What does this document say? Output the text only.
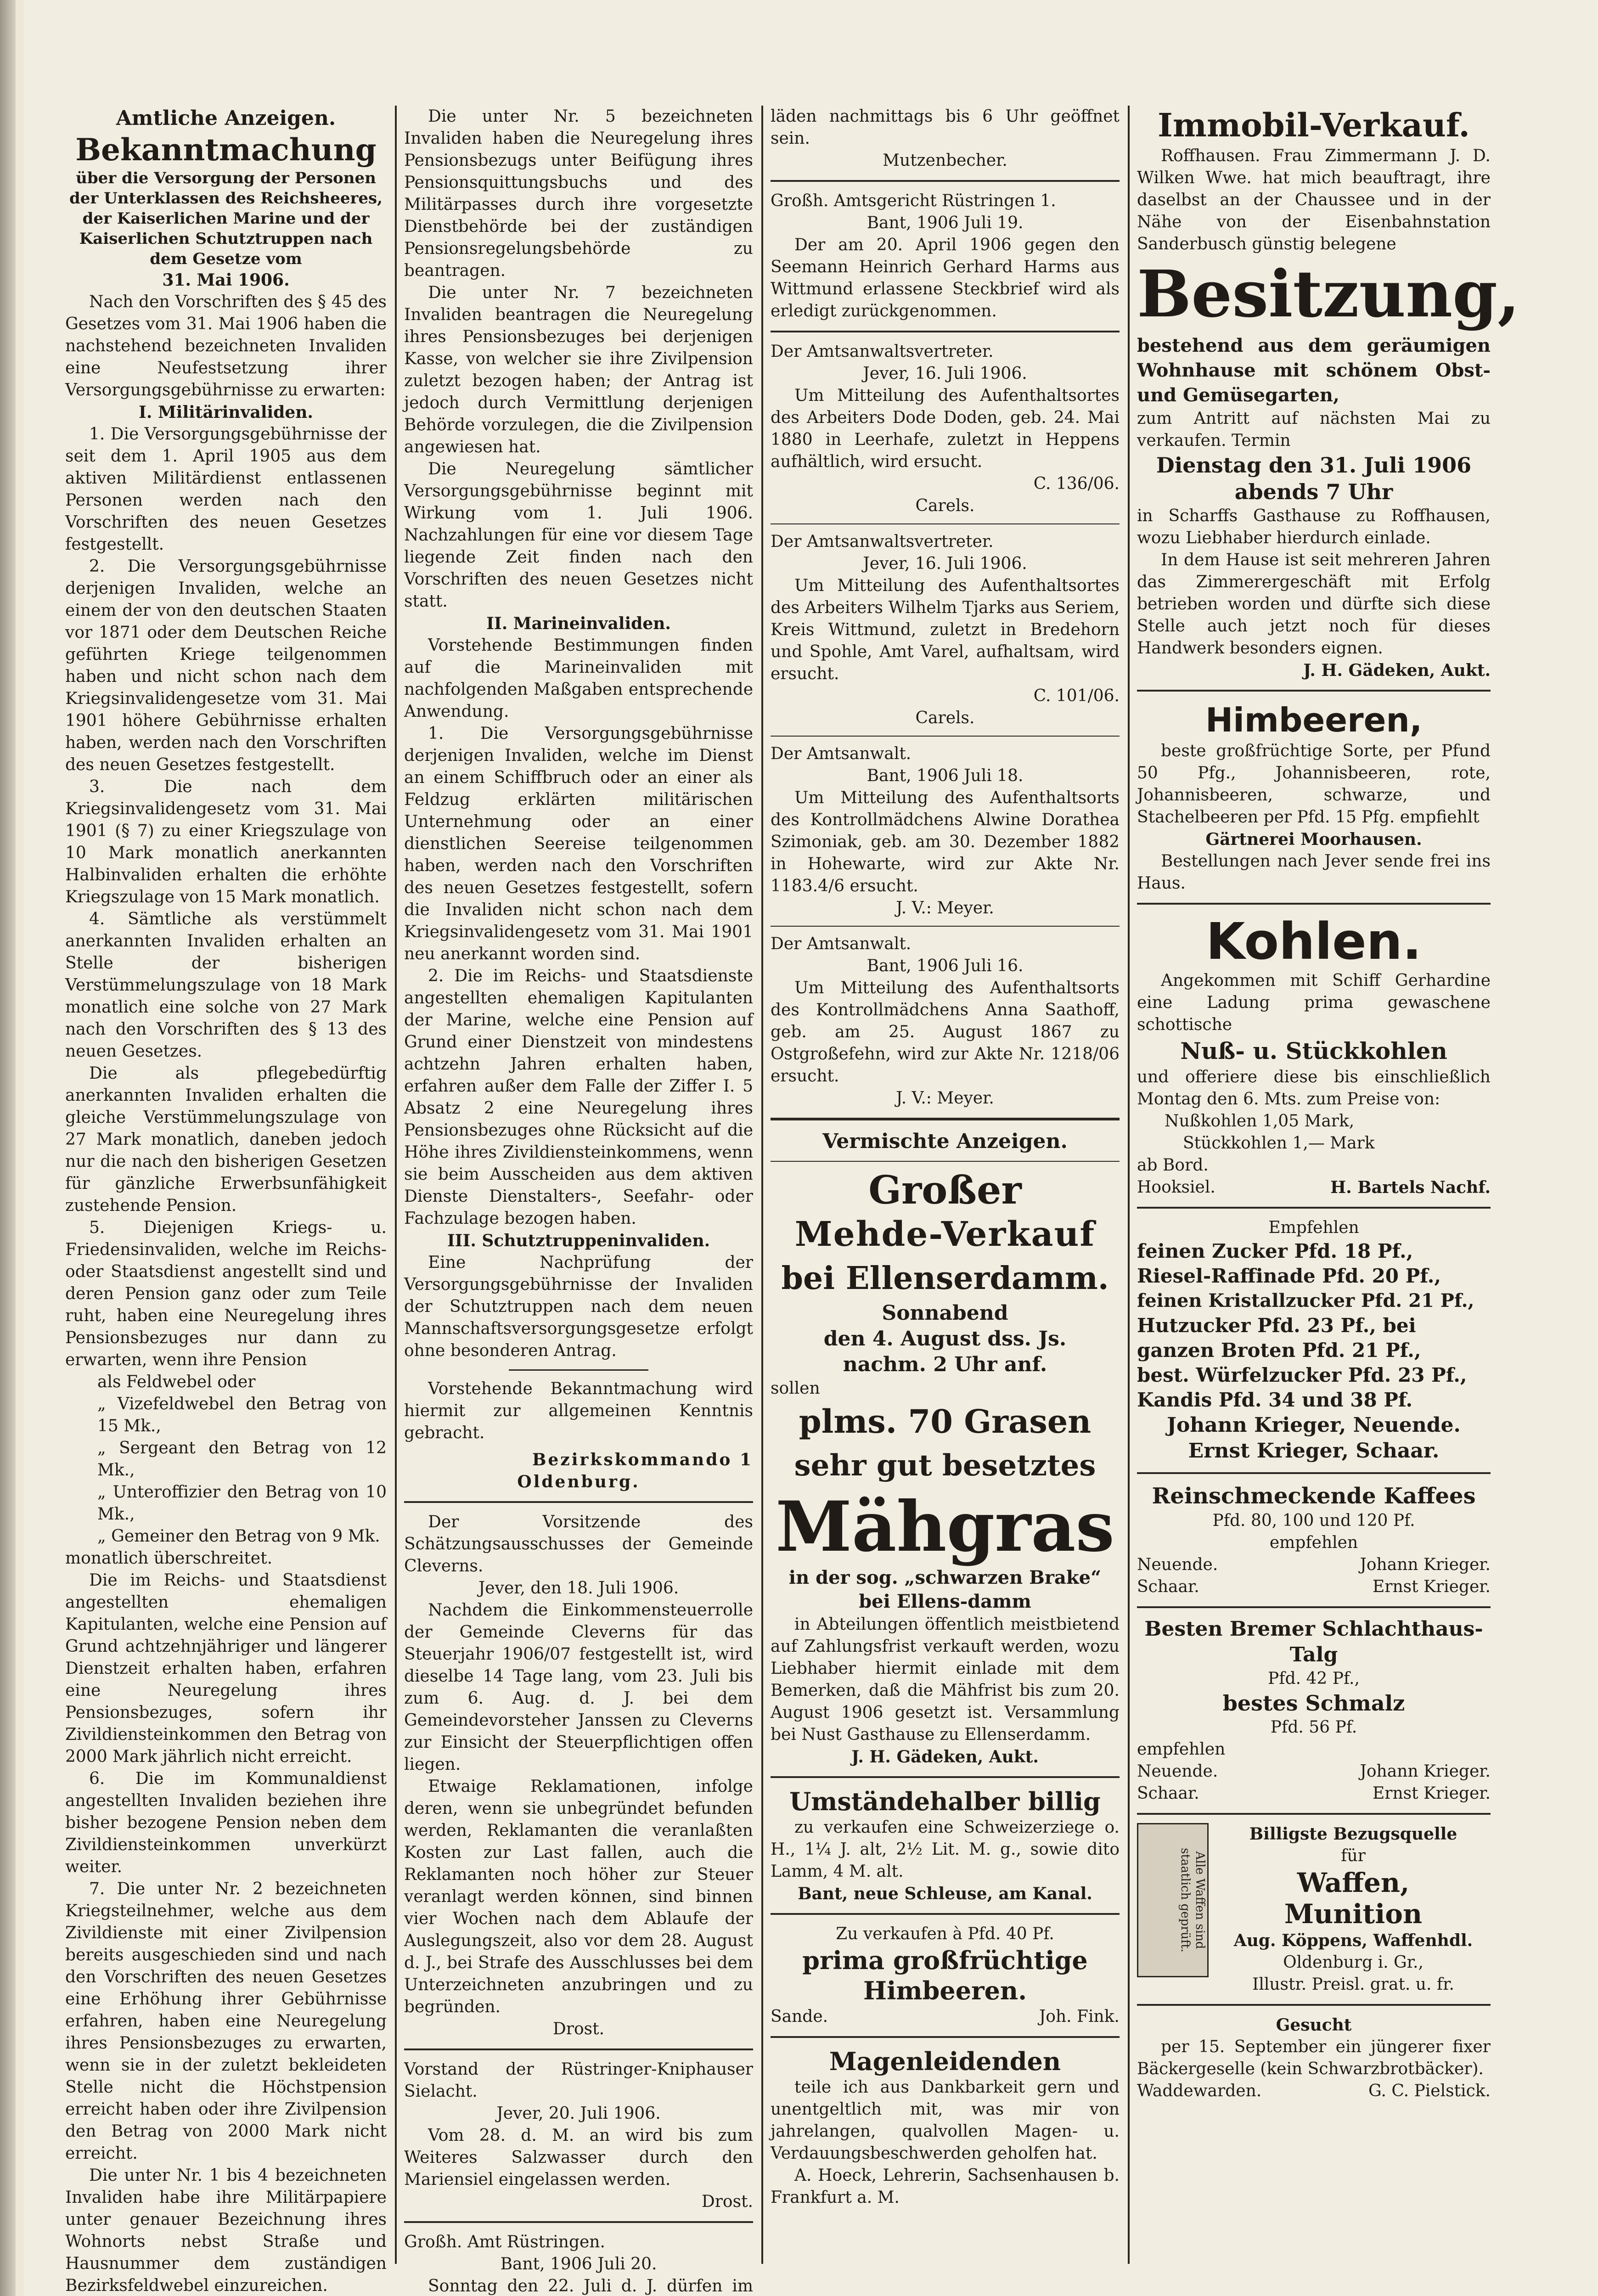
Amtliche Anzeigen.

Bekanntmachung

über die Versorgung der Personen der Unterklassen des Reichsheeres, der Kaiserlichen Marine und der Kaiserlichen Schutztruppen nach dem Gesetze vom

31. Mai 1906.

Nach den Vorschriften des § 45 des Gesetzes vom 31. Mai 1906 haben die nachstehend bezeichneten Invaliden eine Neufestsetzung ihrer Versorgungsgebührnisse zu erwarten:

I. Militärinvaliden.

1. Die Versorgungsgebührnisse der seit dem 1. April 1905 aus dem aktiven Militärdienst entlassenen Personen werden nach den Vorschriften des neuen Gesetzes festgestellt.

2. Die Versorgungsgebührnisse derjenigen Invaliden, welche an einem der von den deutschen Staaten vor 1871 oder dem Deutschen Reiche geführten Kriege teilgenommen haben und nicht schon nach dem Kriegsinvalidengesetze vom 31. Mai 1901 höhere Gebührnisse erhalten haben, werden nach den Vorschriften des neuen Gesetzes festgestellt.

3. Die nach dem Kriegsinvalidengesetz vom 31. Mai 1901 (§ 7) zu einer Kriegszulage von 10 Mark monatlich anerkannten Halbinvaliden erhalten die erhöhte Kriegszulage von 15 Mark monatlich.

4. Sämtliche als verstümmelt anerkannten Invaliden erhalten an Stelle der bisherigen Verstümmelungszulage von 18 Mark monatlich eine solche von 27 Mark nach den Vorschriften des § 13 des neuen Gesetzes.

Die als pflegebedürftig anerkannten Invaliden erhalten die gleiche Verstümmelungszulage von 27 Mark monatlich, daneben jedoch nur die nach den bisherigen Gesetzen für gänzliche Erwerbsunfähigkeit zustehende Pension.

5. Diejenigen Kriegs- u. Friedensinvaliden, welche im Reichs- oder Staatsdienst angestellt sind und deren Pension ganz oder zum Teile ruht, haben eine Neuregelung ihres Pensionsbezuges nur dann zu erwarten, wenn ihre Pension

als Feldwebel oder

„ Vizefeldwebel den Betrag von 15 Mk.,

„ Sergeant den Betrag von 12 Mk.,

„ Unteroffizier den Betrag von 10 Mk.,

„ Gemeiner den Betrag von 9 Mk.

monatlich überschreitet.

Die im Reichs- und Staatsdienst angestellten ehemaligen Kapitulanten, welche eine Pension auf Grund achtzehnjähriger und längerer Dienstzeit erhalten haben, erfahren eine Neuregelung ihres Pensionsbezuges, sofern ihr Zivildiensteinkommen den Betrag von 2000 Mark jährlich nicht erreicht.

6. Die im Kommunaldienst angestellten Invaliden beziehen ihre bisher bezogene Pension neben dem Zivildiensteinkommen unverkürzt weiter.

7. Die unter Nr. 2 bezeichneten Kriegsteilnehmer, welche aus dem Zivildienste mit einer Zivilpension bereits ausgeschieden sind und nach den Vorschriften des neuen Gesetzes eine Erhöhung ihrer Gebührnisse erfahren, haben eine Neuregelung ihres Pensionsbezuges zu erwarten, wenn sie in der zuletzt bekleideten Stelle nicht die Höchstpension erreicht haben oder ihre Zivilpension den Betrag von 2000 Mark nicht erreicht.

Die unter Nr. 1 bis 4 bezeichneten Invaliden habe ihre Militärpapiere unter genauer Bezeichnung ihres Wohnorts nebst Straße und Hausnummer dem zuständigen Bezirksfeldwebel einzureichen.

Die unter Nr. 5 bezeichneten Invaliden haben die Neuregelung ihres Pensionsbezugs unter Beifügung ihres Pensionsquittungsbuchs und des Militärpasses durch ihre vorgesetzte Dienstbehörde bei der zuständigen Pensionsregelungsbehörde zu beantragen.

Die unter Nr. 7 bezeichneten Invaliden beantragen die Neuregelung ihres Pensionsbezuges bei derjenigen Kasse, von welcher sie ihre Zivilpension zuletzt bezogen haben; der Antrag ist jedoch durch Vermittlung derjenigen Behörde vorzulegen, die die Zivilpension angewiesen hat.

Die Neuregelung sämtlicher Versorgungsgebührnisse beginnt mit Wirkung vom 1. Juli 1906. Nachzahlungen für eine vor diesem Tage liegende Zeit finden nach den Vorschriften des neuen Gesetzes nicht statt.

II. Marineinvaliden.

Vorstehende Bestimmungen finden auf die Marineinvaliden mit nachfolgenden Maßgaben entsprechende Anwendung.

1. Die Versorgungsgebührnisse derjenigen Invaliden, welche im Dienst an einem Schiffbruch oder an einer als Feldzug erklärten militärischen Unternehmung oder an einer dienstlichen Seereise teilgenommen haben, werden nach den Vorschriften des neuen Gesetzes festgestellt, sofern die Invaliden nicht schon nach dem Kriegsinvalidengesetz vom 31. Mai 1901 neu anerkannt worden sind.

2. Die im Reichs- und Staatsdienste angestellten ehemaligen Kapitulanten der Marine, welche eine Pension auf Grund einer Dienstzeit von mindestens achtzehn Jahren erhalten haben, erfahren außer dem Falle der Ziffer I. 5 Absatz 2 eine Neuregelung ihres Pensionsbezuges ohne Rücksicht auf die Höhe ihres Zivildiensteinkommens, wenn sie beim Ausscheiden aus dem aktiven Dienste Dienstalters-, Seefahr- oder Fachzulage bezogen haben.

III. Schutztruppeninvaliden.

Eine Nachprüfung der Versorgungsgebührnisse der Invaliden der Schutztruppen nach dem neuen Mannschaftsversorgungsgesetze erfolgt ohne besonderen Antrag.

Vorstehende Bekanntmachung wird hiermit zur allgemeinen Kenntnis gebracht.

Bezirkskommando 1

Oldenburg.

Der Vorsitzende des Schätzungsausschusses der Gemeinde Cleverns.

Jever, den 18. Juli 1906.

Nachdem die Einkommensteuerrolle der Gemeinde Cleverns für das Steuerjahr 1906/07 festgestellt ist, wird dieselbe 14 Tage lang, vom 23. Juli bis zum 6. Aug. d. J. bei dem Gemeindevorsteher Janssen zu Cleverns zur Einsicht der Steuerpflichtigen offen liegen.

Etwaige Reklamationen, infolge deren, wenn sie unbegründet befunden werden, Reklamanten die veranlaßten Kosten zur Last fallen, auch die Reklamanten noch höher zur Steuer veranlagt werden können, sind binnen vier Wochen nach dem Ablaufe der Auslegungszeit, also vor dem 28. August d. J., bei Strafe des Ausschlusses bei dem Unterzeichneten anzubringen und zu begründen.

Drost.

Vorstand der Rüstringer-Kniphauser Sielacht.

Jever, 20. Juli 1906.

Vom 28. d. M. an wird bis zum Weiteres Salzwasser durch den Mariensiel eingelassen werden.

Drost.

Großh. Amt Rüstringen.

Bant, 1906 Juli 20.

Sonntag den 22. Juli d. J. dürfen im

läden nachmittags bis 6 Uhr geöffnet sein.

Mutzenbecher.

Großh. Amtsgericht Rüstringen 1.

Bant, 1906 Juli 19.

Der am 20. April 1906 gegen den Seemann Heinrich Gerhard Harms aus Wittmund erlassene Steckbrief wird als erledigt zurückgenommen.

Der Amtsanwaltsvertreter.

Jever, 16. Juli 1906.

Um Mitteilung des Aufenthaltsortes des Arbeiters Dode Doden, geb. 24. Mai 1880 in Leerhafe, zuletzt in Heppens aufhältlich, wird ersucht.

C. 136/06.

Carels.

Der Amtsanwaltsvertreter.

Jever, 16. Juli 1906.

Um Mitteilung des Aufenthaltsortes des Arbeiters Wilhelm Tjarks aus Seriem, Kreis Wittmund, zuletzt in Bredehorn und Spohle, Amt Varel, aufhaltsam, wird ersucht.

C. 101/06.

Carels.

Der Amtsanwalt.

Bant, 1906 Juli 18.

Um Mitteilung des Aufenthaltsorts des Kontrollmädchens Alwine Dorathea Szimoniak, geb. am 30. Dezember 1882 in Hohewarte, wird zur Akte Nr. 1183.4/6 ersucht.

J. V.: Meyer.

Der Amtsanwalt.

Bant, 1906 Juli 16.

Um Mitteilung des Aufenthaltsorts des Kontrollmädchens Anna Saathoff, geb. am 25. August 1867 zu Ostgroßefehn, wird zur Akte Nr. 1218/06 ersucht.

J. V.: Meyer.

Vermischte Anzeigen.

Großer

Mehde-Verkauf

bei Ellenserdamm.

Sonnabend

den 4. August dss. Js.

nachm. 2 Uhr anf.

sollen

plms. 70 Grasen

sehr gut besetztes

Mähgras

in der sog. „schwarzen Brake“

bei Ellens-damm

in Abteilungen öffentlich meistbietend auf Zahlungsfrist verkauft werden, wozu Liebhaber hiermit einlade mit dem Bemerken, daß die Mähfrist bis zum 20. August 1906 gesetzt ist. Versammlung bei Nust Gasthause zu Ellenserdamm.

J. H. Gädeken, Aukt.

Umständehalber billig

zu verkaufen eine Schweizerziege o. H., 1¼ J. alt, 2½ Lit. M. g., sowie dito Lamm, 4 M. alt.

Bant, neue Schleuse, am Kanal.

Zu verkaufen à Pfd. 40 Pf.

prima großfrüchtige

Himbeeren.

Sande.	Joh. Fink.

Magenleidenden

teile ich aus Dankbarkeit gern und unentgeltlich mit, was mir von jahrelangen, qualvollen Magen- u. Verdauungsbeschwerden geholfen hat.

A. Hoeck, Lehrerin, Sachsenhausen b. Frankfurt a. M.

Immobil-Verkauf.

Roffhausen. Frau Zimmermann J. D. Wilken Wwe. hat mich beauftragt, ihre daselbst an der Chaussee und in der Nähe von der Eisenbahnstation Sanderbusch günstig belegene

Besitzung,

bestehend aus dem geräumigen Wohnhause mit schönem Obst- und Gemüsegarten,

zum Antritt auf nächsten Mai zu verkaufen. Termin

Dienstag den 31. Juli 1906

abends 7 Uhr

in Scharffs Gasthause zu Roffhausen, wozu Liebhaber hierdurch einlade.

In dem Hause ist seit mehreren Jahren das Zimmerergeschäft mit Erfolg betrieben worden und dürfte sich diese Stelle auch jetzt noch für dieses Handwerk besonders eignen.

J. H. Gädeken, Aukt.

Himbeeren,

beste großfrüchtige Sorte, per Pfund 50 Pfg., Johannisbeeren, rote, Johannisbeeren, schwarze, und Stachelbeeren per Pfd. 15 Pfg. empfiehlt

Gärtnerei Moorhausen.

Bestellungen nach Jever sende frei ins Haus.

Kohlen.

Angekommen mit Schiff Gerhardine eine Ladung prima gewaschene schottische

Nuß- u. Stückkohlen

und offeriere diese bis einschließlich Montag den 6. Mts. zum Preise von:

Nußkohlen 1,05 Mark,

Stückkohlen 1,— Mark

ab Bord.

Hooksiel.	H. Bartels Nachf.

Empfehlen

feinen Zucker Pfd. 18 Pf.,

Riesel-Raffinade Pfd. 20 Pf.,

feinen Kristallzucker Pfd. 21 Pf.,

Hutzucker Pfd. 23 Pf., bei

ganzen Broten Pfd. 21 Pf.,

best. Würfelzucker Pfd. 23 Pf.,

Kandis Pfd. 34 und 38 Pf.

Johann Krieger, Neuende.

Ernst Krieger, Schaar.

Reinschmeckende Kaffees

Pfd. 80, 100 und 120 Pf.

empfehlen

Neuende.	Johann Krieger.
Schaar.	Ernst Krieger.

Besten Bremer Schlachthaus-Talg

Pfd. 42 Pf.,

bestes Schmalz

Pfd. 56 Pf.

empfehlen

Neuende.	Johann Krieger.
Schaar.	Ernst Krieger.
Alle Waffen sind staatlich geprüft.

Billigste Bezugsquelle

für

Waffen,

Munition

Aug. Köppens, Waffenhdl.

Oldenburg i. Gr.,

Illustr. Preisl. grat. u. fr.

Gesucht

per 15. September ein jüngerer fixer Bäckergeselle (kein Schwarzbrotbäcker).

Waddewarden.	G. C. Pielstick.
